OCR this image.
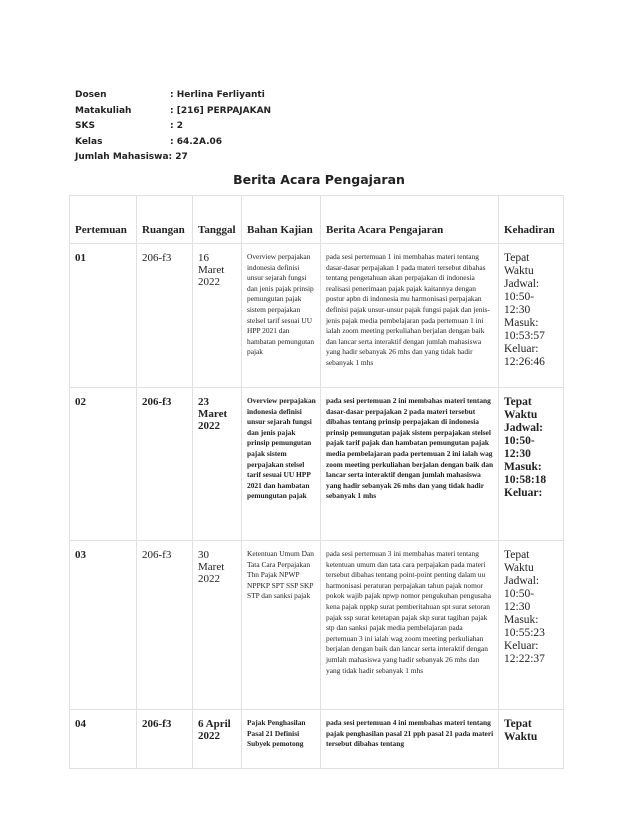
Dosen	: Herlina Ferliyanti
Matakuliah	: [216] PERPAJAKAN
SKS	: 2
Kelas	: 64.2A.06
Jumlah Mahasiswa: 27
Berita Acara Pengajaran
Pertemuan	Ruangan	Tanggal	Bahan Kajian	Berita Acara Pengajaran	Kehadiran
01	206-f3	16 Maret 2022	Overview perpajakan indonesia definisi unsur sejarah fungsi dan jenis pajak prinsip pemungutan pajak sistem perpajakan stelsel tarif sesuai UU HPP 2021 dan hambatan pemungutan pajak	pada sesi pertemuan 1 ini membahas materi tentang dasar-dasar perpajakan 1 pada materi tersebut dibahas tentang pengetahuan akan perpajakan di indonesia realisasi penerimaan pajak pajak kaitannya dengan postur apbn di indonesia mu harmonisasi perpajakan definisi pajak unsur-unsur pajak fungsi pajak dan jenis-jenis pajak media pembelajaran pada pertemuan 1 ini ialah zoom meeting perkuliahan berjalan dengan baik dan lancar serta interaktif dengan jumlah mahasiswa yang hadir sebanyak 26 mhs dan yang tidak hadir sebanyak 1 mhs	Tepat Waktu Jadwal: 10:50-12:30 Masuk: 10:53:57 Keluar: 12:26:46
02	206-f3	23 Maret 2022	Overview perpajakan indonesia definisi unsur sejarah fungsi dan jenis pajak prinsip pemungutan pajak sistem perpajakan stelsel tarif sesuai UU HPP 2021 dan hambatan pemungutan pajak	pada sesi pertemuan 2 ini membahas materi tentang dasar-dasar perpajakan 2 pada materi tersebut dibahas tentang prinsip perpajakan di indonesia prinsip pemungutan pajak sistem perpajakan stelsel pajak tarif pajak dan hambatan pemungutan pajak media pembelajaran pada pertemuan 2 ini ialah wag zoom meeting perkuliahan berjalan dengan baik dan lancar serta interaktif dengan jumlah mahasiswa yang hadir sebanyak 26 mhs dan yang tidak hadir sebanyak 1 mhs	Tepat Waktu Jadwal: 10:50-12:30 Masuk: 10:58:18 Keluar:
03	206-f3	30 Maret 2022	Ketentuan Umum Dan Tata Cara Perpajakan Thn Pajak NPWP NPPKP SPT SSP SKP STP dan sanksi pajak	pada sesi pertemuan 3 ini membahas materi tentang ketentuan umum dan tata cara perpajakan pada materi tersebut dibahas tentang point-point penting dalam uu harmonisasi peraturan perpajakan tahun pajak nomor pokok wajib pajak npwp nomor pengukuhan pengusaha kena pajak nppkp surat pemberitahuan spt surat setoran pajak ssp surat ketetapan pajak skp surat tagihan pajak stp dan sanksi pajak media pembelajaran pada pertemuan 3 ini ialah wag zoom meeting perkuliahan berjalan dengan baik dan lancar serta interaktif dengan jumlah mahasiswa yang hadir sebanyak 26 mhs dan yang tidak hadir sebanyak 1 mhs	Tepat Waktu Jadwal: 10:50-12:30 Masuk: 10:55:23 Keluar: 12:22:37
04	206-f3	6 April 2022	Pajak Penghasilan Pasal 21 Definisi Subyek pemotong	pada sesi pertemuan 4 ini membahas materi tentang pajak penghasilan pasal 21 pph pasal 21 pada materi tersebut dibahas tentang	Tepat Waktu
